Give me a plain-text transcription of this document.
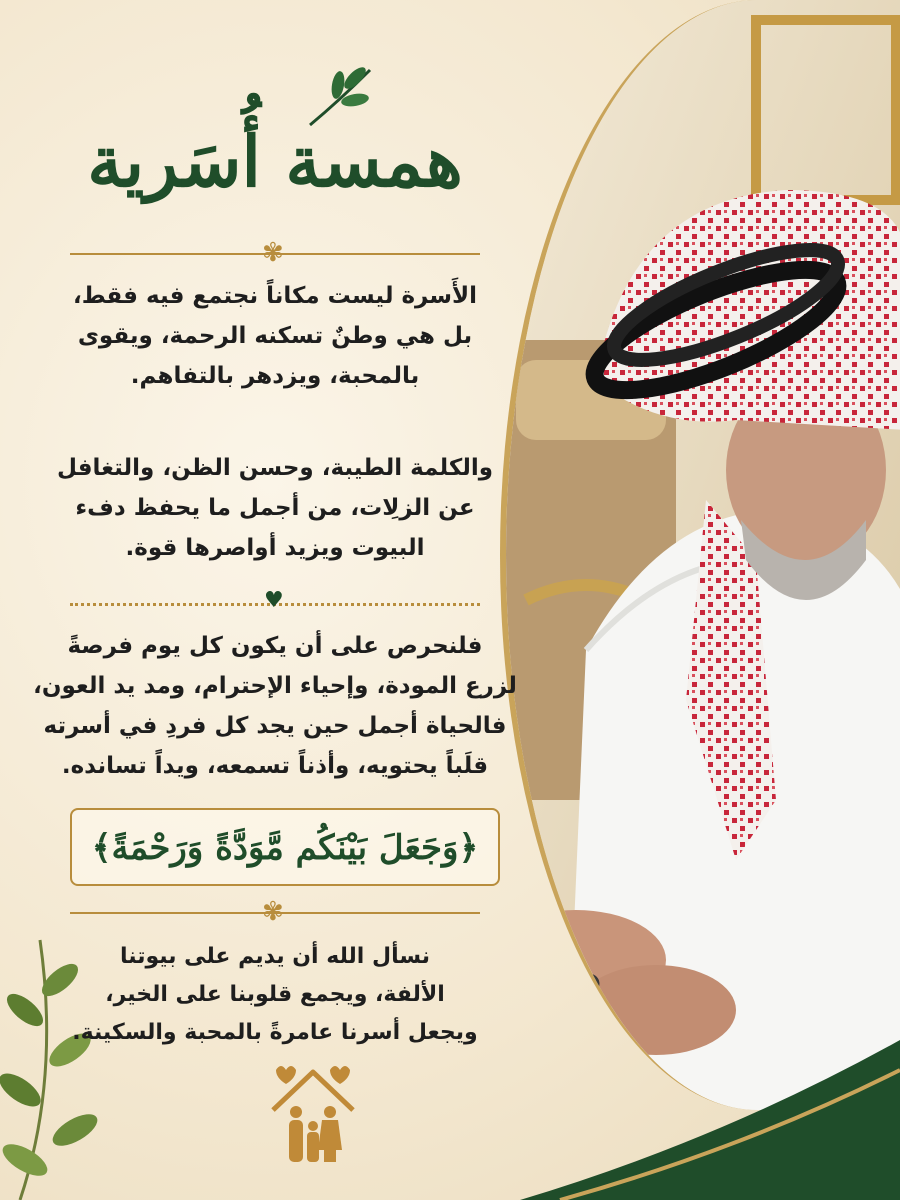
همسة أُسَرية
✾
الأَسرة ليست مكاناً نجتمع فيه فقط،
بل هي وطنٌ تسكنه الرحمة، ويقوى
بالمحبة، ويزدهر بالتفاهم.
والكلمة الطيبة، وحسن الظن، والتغافل
عن الزلِات، من أجمل ما يحفظ دفء
البيوت ويزيد أواصرها قوة.
♥
فلنحرص على أن يكون كل يوم فرصةً
لزرع المودة، وإحياء الإحترام، ومد يد العون،
فالحياة أجمل حين يجد كل فردِ في أسرته
قلَباً يحتويه، وأذناً تسمعه، ويداً تسانده.
﴿وَجَعَلَ بَيْنَكُم مَّوَدَّةً وَرَحْمَةً﴾
✾
نسأل الله أن يديم على بيوتنا
الألفة، ويجمع قلوبنا على الخير،
ويجعل أسرنا عامرةً بالمحبة والسكينة.
